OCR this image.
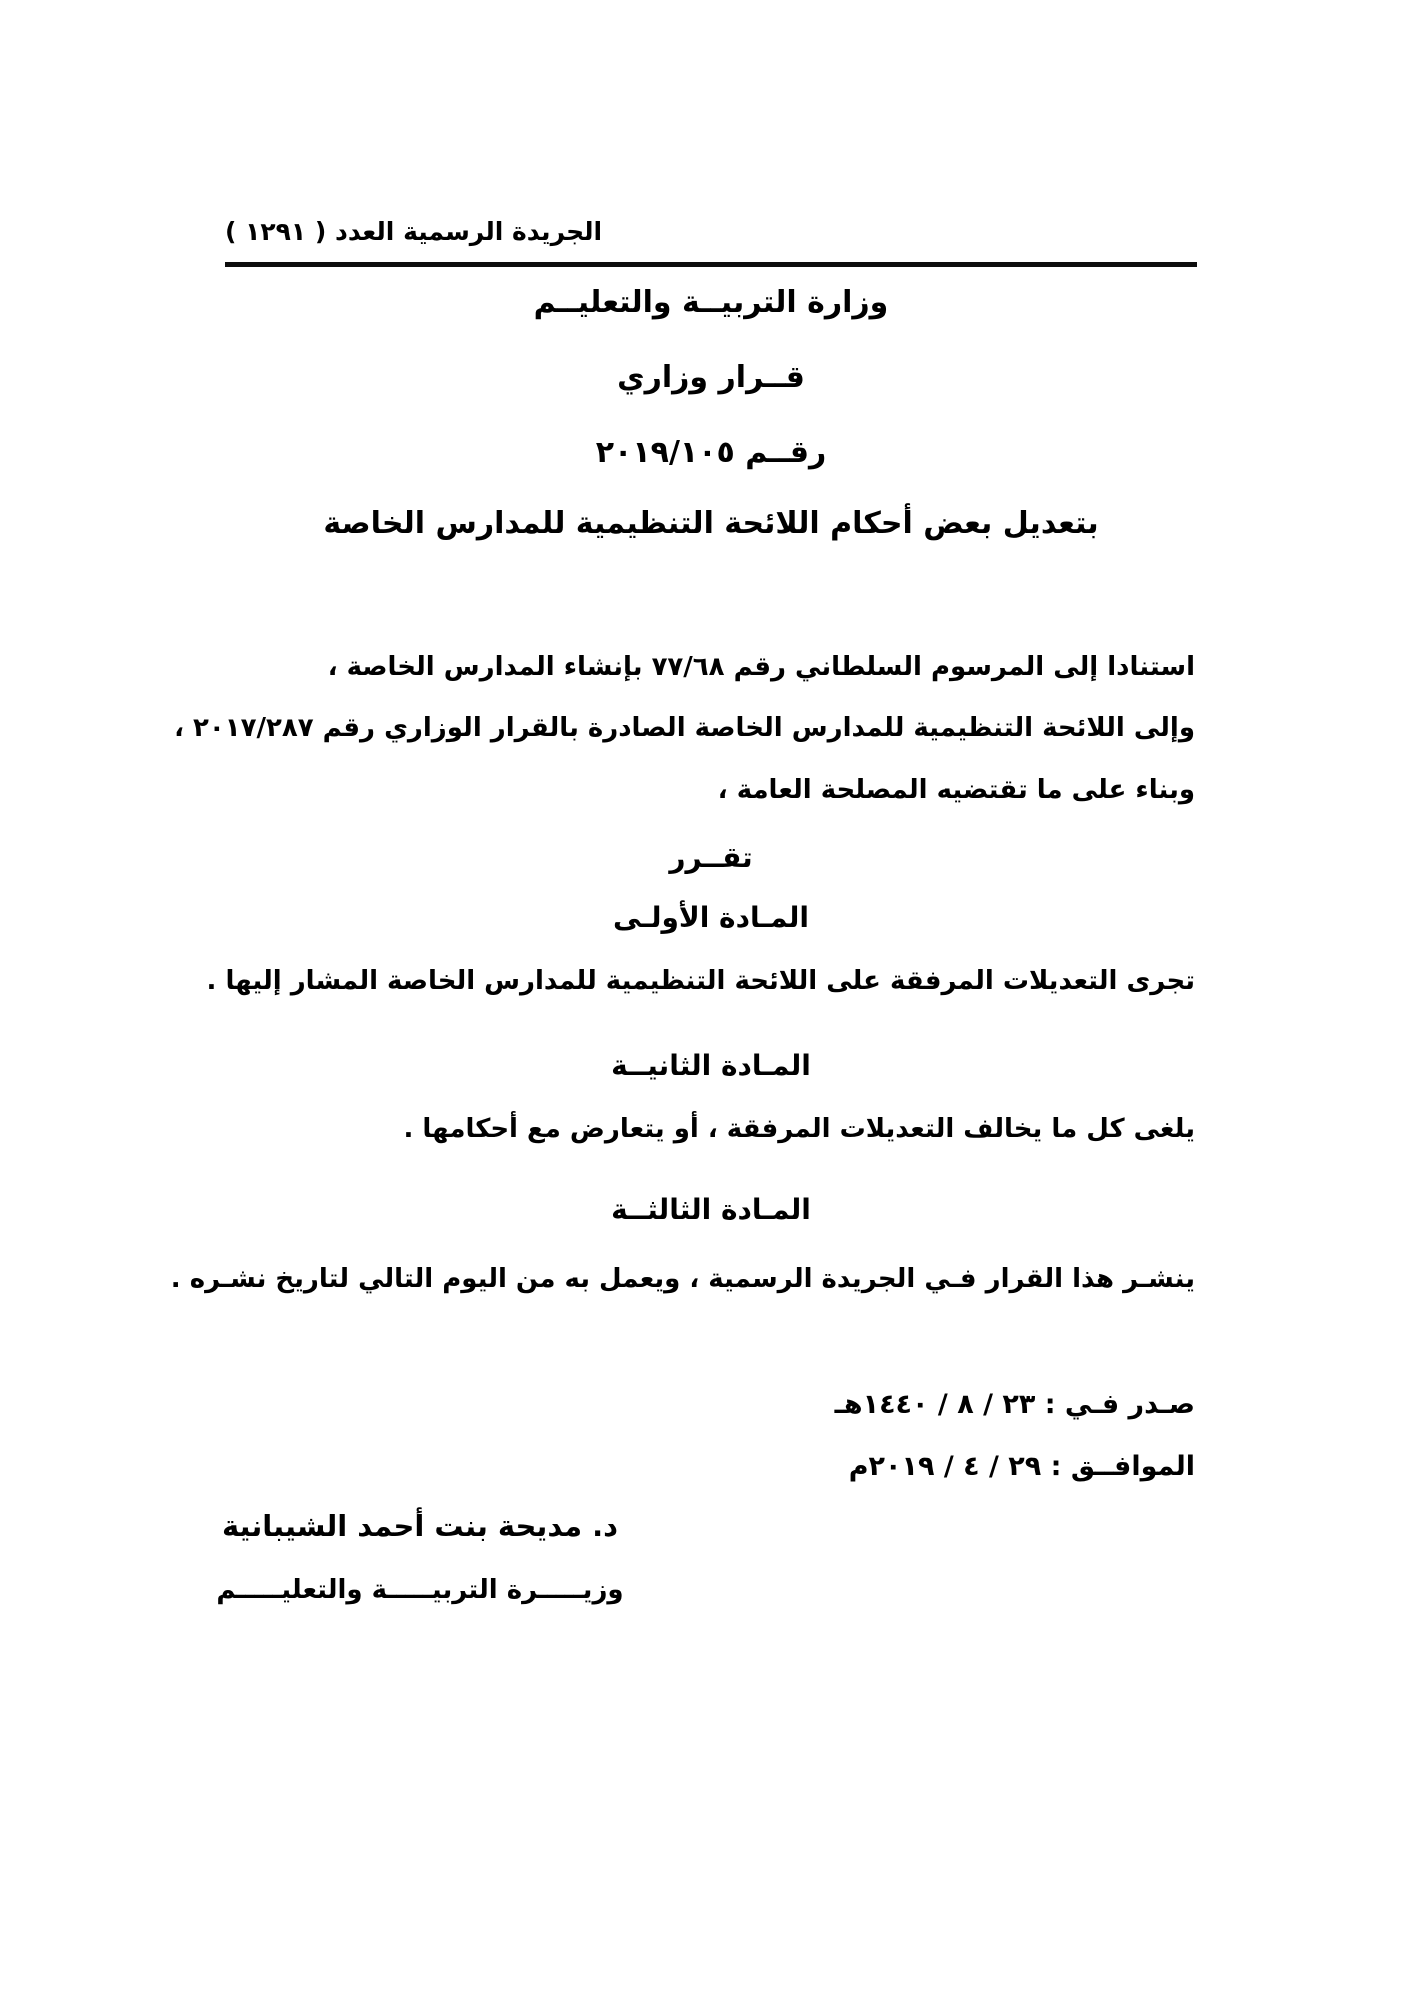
الجريدة الرسمية العدد ( ١٢٩١ )
وزارة التربيــة والتعليــم
قــرار وزاري
رقــم ٢٠١٩/١٠٥
بتعديل بعض أحكام اللائحة التنظيمية للمدارس الخاصة
استنادا إلى المرسوم السلطاني رقم ٧٧/٦٨ بإنشاء المدارس الخاصة ،
وإلى اللائحة التنظيمية للمدارس الخاصة الصادرة بالقرار الوزاري رقم ٢٠١٧/٢٨٧ ،
وبناء على ما تقتضيه المصلحة العامة ،
تقــرر
المـادة الأولـى
تجرى التعديلات المرفقة على اللائحة التنظيمية للمدارس الخاصة المشار إليها .
المـادة الثانيــة
يلغى كل ما يخالف التعديلات المرفقة ، أو يتعارض مع أحكامها .
المـادة الثالثــة
ينشـر هذا القرار فـي الجريدة الرسمية ، ويعمل به من اليوم التالي لتاريخ نشـره .
صـدر فـي : ٢٣ / ٨ / ١٤٤٠هـ
الموافــق : ٢٩ / ٤ / ٢٠١٩م
د. مديحة بنت أحمد الشيبانية
وزيـــــرة التربيـــــة والتعليـــــم
